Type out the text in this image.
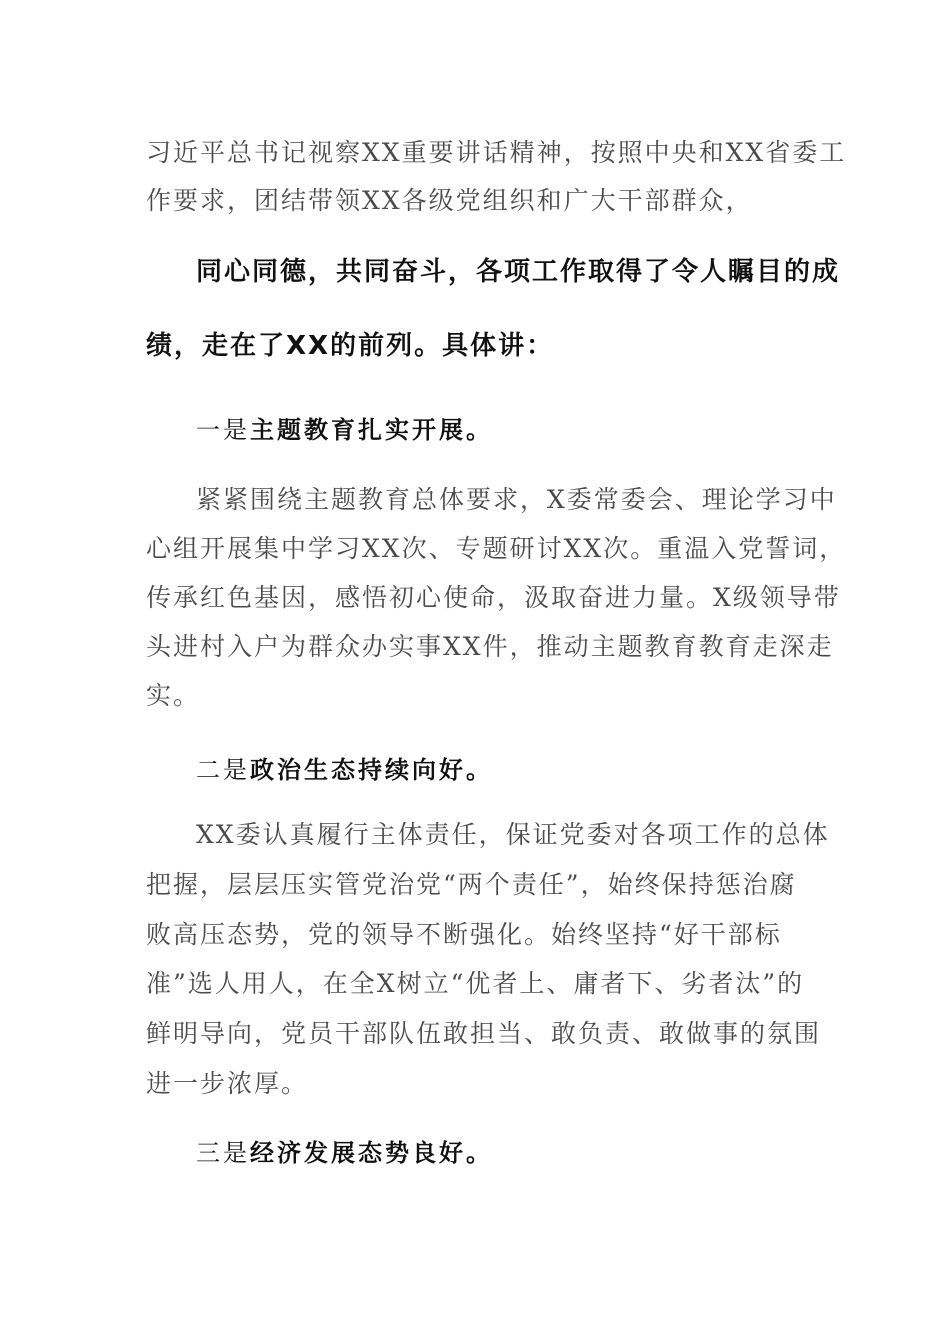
习近平总书记视察XX重要讲话精神，按照中央和XX省委工
作要求，团结带领XX各级党组织和广大干部群众，
同心同德，共同奋斗，各项工作取得了令人瞩目的成
绩，走在了XX的前列。具体讲：
一是主题教育扎实开展。
紧紧围绕主题教育总体要求，X委常委会、理论学习中
心组开展集中学习XX次、专题研讨XX次。重温入党誓词，
传承红色基因，感悟初心使命，汲取奋进力量。X级领导带
头进村入户为群众办实事XX件，推动主题教育教育走深走
实。
二是政治生态持续向好。
XX委认真履行主体责任，保证党委对各项工作的总体
把握，层层压实管党治党“两个责任”，始终保持惩治腐
败高压态势，党的领导不断强化。始终坚持“好干部标
准”选人用人，在全X树立“优者上、庸者下、劣者汰”的
鲜明导向，党员干部队伍敢担当、敢负责、敢做事的氛围
进一步浓厚。
三是经济发展态势良好。
